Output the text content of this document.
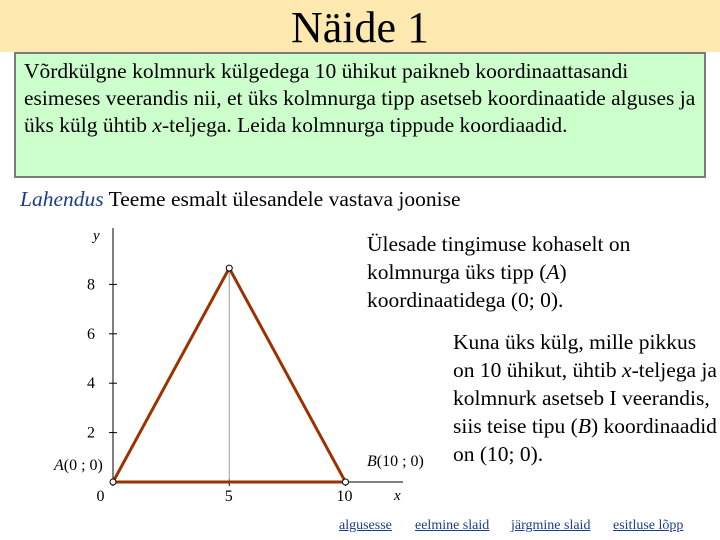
Näide 1
Võrdkülgne kolmnurk külgedega 10 ühikut paikneb koordinaattasandi esimeses veerandis nii, et üks kolmnurga tipp asetseb koordinaatide alguses ja üks külg ühtib x-teljega. Leida kolmnurga tippude koordiaadid.
Lahendus Teeme esmalt ülesandele vastava joonise
y
x
8
6
4
2
0	5	10
A(0 ; 0)	B(10 ; 0)
Ülesade tingimuse kohaselt on kolmnurga üks tipp (A) koordinaatidega (0; 0).
Kuna üks külg, mille pikkus on 10 ühikut, ühtib x-teljega ja kolmnurk asetseb I veerandis, siis teise tipu (B) koordinaadid on (10; 0).
algusesse eelmine slaid järgmine slaid esitluse lõpp
